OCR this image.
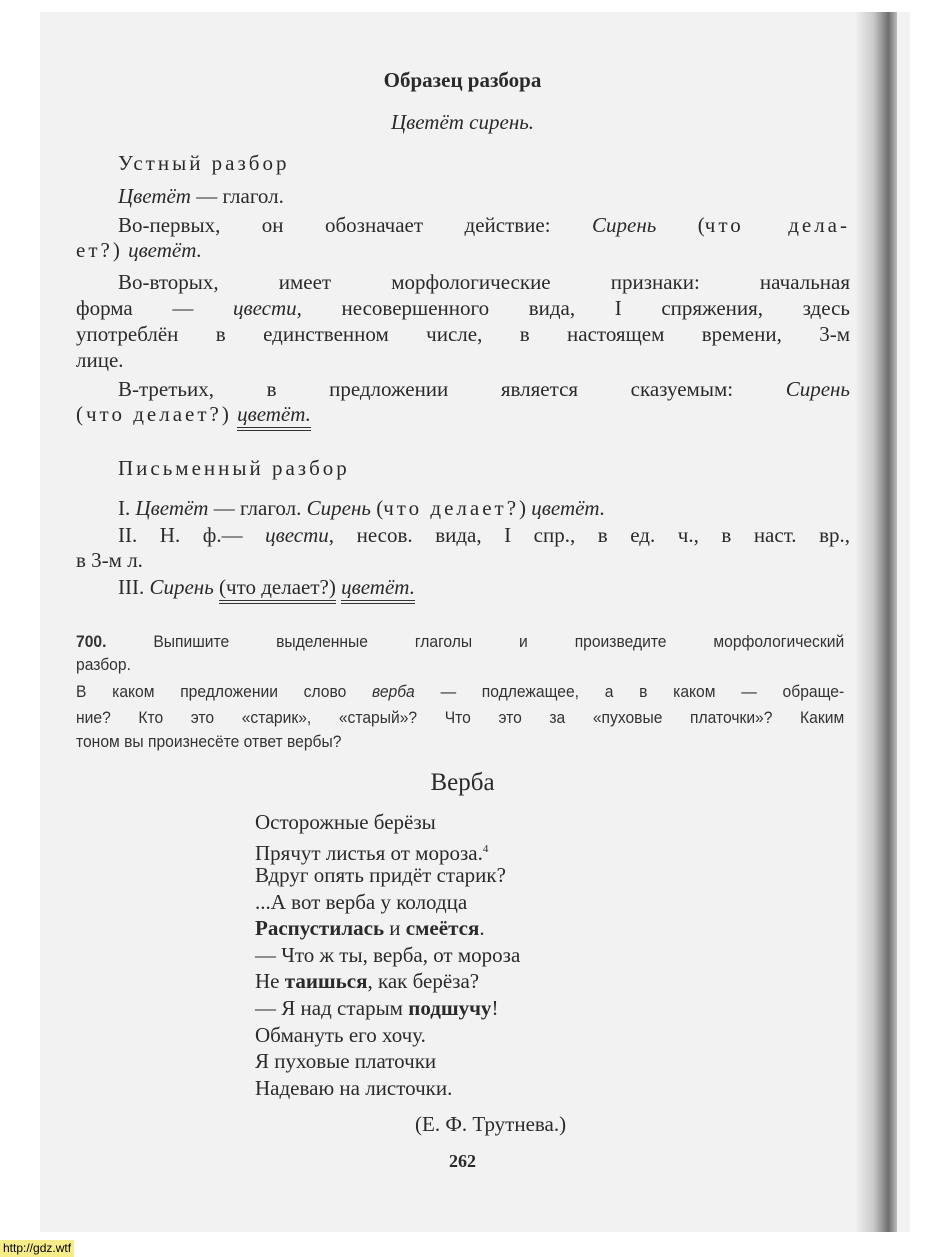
Образец разбора
Цветёт сирень.
Устный разбор
Цветёт — глагол.
Во-первых, он обозначает действие: Сирень (что дела-
ет?) цветёт.
Во-вторых, имеет морфологические признаки: начальная
форма — цвести, несовершенного вида, I спряжения, здесь
употреблён в единственном числе, в настоящем времени, 3-м
лице.
В-третьих, в предложении является сказуемым: Сирень
(что делает?) цветёт.
Письменный разбор
I. Цветёт — глагол. Сирень (что делает?) цветёт.
II. Н. ф.— цвести, несов. вида, I спр., в ед. ч., в наст. вр.,
в 3-м л.
III. Сирень (что делает?) цветёт.
700. Выпишите выделенные глаголы и произведите морфологический
разбор.
В каком предложении слово верба — подлежащее, а в каком — обраще-
ние? Кто это «старик», «старый»? Что это за «пуховые платочки»? Каким
тоном вы произнесёте ответ вербы?
Верба
Осторожные берёзы
Прячут листья от мороза.$^4$
Вдруг опять придёт старик?
...А вот верба у колодца
Распустилась и смеётся.
— Что ж ты, верба, от мороза
Не таишься, как берёза?
— Я над старым подшучу!
Обмануть его хочу.
Я пуховые платочки
Надеваю на листочки.
(Е. Ф. Трутнева.)
262
http://gdz.wtf
